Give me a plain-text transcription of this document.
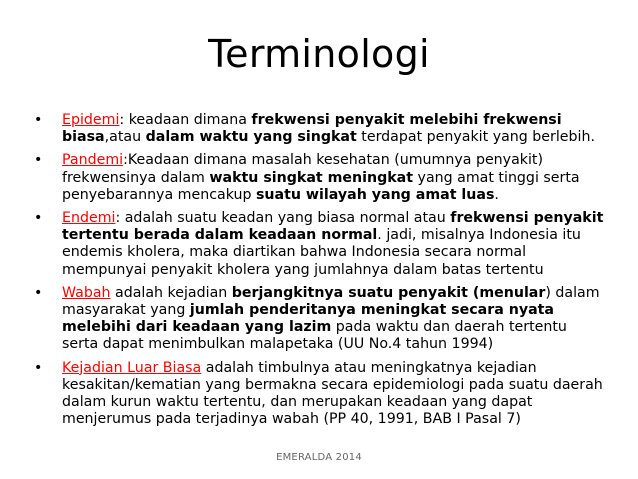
Terminologi
• Epidemi: keadaan dimana frekwensi penyakit melebihi frekwensi biasa,atau dalam waktu yang singkat terdapat penyakit yang berlebih.
• Pandemi:Keadaan dimana masalah kesehatan (umumnya penyakit) frekwensinya dalam waktu singkat meningkat yang amat tinggi serta penyebarannya mencakup suatu wilayah yang amat luas.
• Endemi: adalah suatu keadan yang biasa normal atau frekwensi penyakit tertentu berada dalam keadaan normal. jadi, misalnya Indonesia itu endemis kholera, maka diartikan bahwa Indonesia secara normal mempunyai penyakit kholera yang jumlahnya dalam batas tertentu
• Wabah adalah kejadian berjangkitnya suatu penyakit (menular) dalam masyarakat yang jumlah penderitanya meningkat secara nyata melebihi dari keadaan yang lazim pada waktu dan daerah tertentu serta dapat menimbulkan malapetaka (UU No.4 tahun 1994)
• Kejadian Luar Biasa adalah timbulnya atau meningkatnya kejadian kesakitan/kematian yang bermakna secara epidemiologi pada suatu daerah dalam kurun waktu tertentu, dan merupakan keadaan yang dapat menjerumus pada terjadinya wabah (PP 40, 1991, BAB I Pasal 7)
EMERALDA 2014
